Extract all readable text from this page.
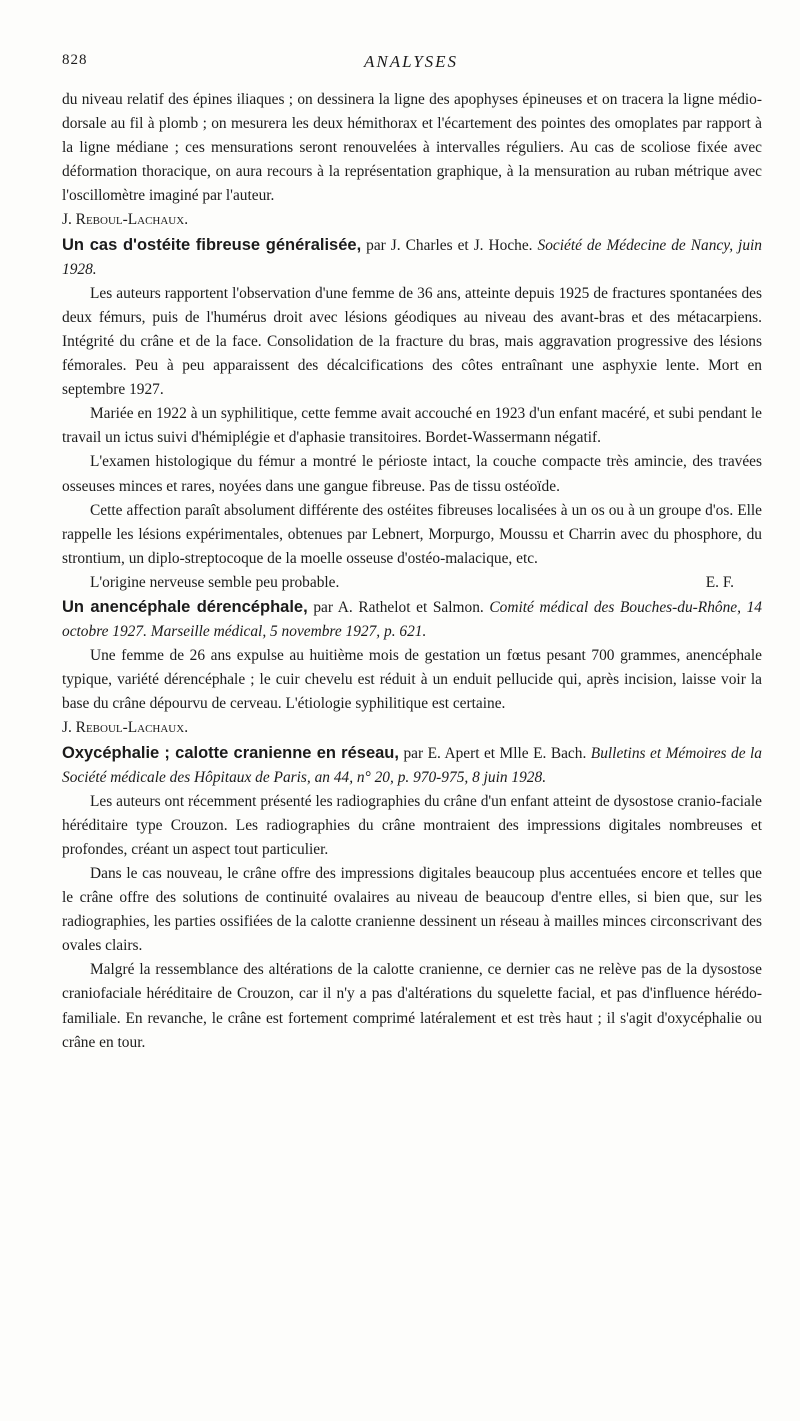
828	ANALYSES

du niveau relatif des épines iliaques ; on dessinera la ligne des apophyses épineuses et on tracera la ligne médio-dorsale au fil à plomb ; on mesurera les deux hémithorax et l'écartement des pointes des omoplates par rapport à la ligne médiane ; ces mensurations seront renouvelées à intervalles réguliers. Au cas de scoliose fixée avec déformation thoracique, on aura recours à la représentation graphique, à la mensuration au ruban métrique avec l'oscillomètre imaginé par l'auteur.

J. Reboul-Lachaux.

Un cas d'ostéite fibreuse généralisée, par J. Charles et J. Hoche. Société de Médecine de Nancy, juin 1928.

Les auteurs rapportent l'observation d'une femme de 36 ans, atteinte depuis 1925 de fractures spontanées des deux fémurs, puis de l'humérus droit avec lésions géodiques au niveau des avant-bras et des métacarpiens. Intégrité du crâne et de la face. Consolidation de la fracture du bras, mais aggravation progressive des lésions fémorales. Peu à peu apparaissent des décalcifications des côtes entraînant une asphyxie lente. Mort en septembre 1927.

Mariée en 1922 à un syphilitique, cette femme avait accouché en 1923 d'un enfant macéré, et subi pendant le travail un ictus suivi d'hémiplégie et d'aphasie transitoires. Bordet-Wassermann négatif.

L'examen histologique du fémur a montré le périoste intact, la couche compacte très amincie, des travées osseuses minces et rares, noyées dans une gangue fibreuse. Pas de tissu ostéoïde.

Cette affection paraît absolument différente des ostéites fibreuses localisées à un os ou à un groupe d'os. Elle rappelle les lésions expérimentales, obtenues par Lebnert, Morpurgo, Moussu et Charrin avec du phosphore, du strontium, un diplo-streptocoque de la moelle osseuse d'ostéo-malacique, etc.

L'origine nerveuse semble peu probable.	E. F.

Un anencéphale dérencéphale, par A. Rathelot et Salmon. Comité médical des Bouches-du-Rhône, 14 octobre 1927. Marseille médical, 5 novembre 1927, p. 621.

Une femme de 26 ans expulse au huitième mois de gestation un fœtus pesant 700 grammes, anencéphale typique, variété dérencéphale ; le cuir chevelu est réduit à un enduit pellucide qui, après incision, laisse voir la base du crâne dépourvu de cerveau. L'étiologie syphilitique est certaine.

J. Reboul-Lachaux.

Oxycéphalie ; calotte cranienne en réseau, par E. Apert et Mlle E. Bach. Bulletins et Mémoires de la Société médicale des Hôpitaux de Paris, an 44, n° 20, p. 970-975, 8 juin 1928.

Les auteurs ont récemment présenté les radiographies du crâne d'un enfant atteint de dysostose cranio-faciale héréditaire type Crouzon. Les radiographies du crâne montraient des impressions digitales nombreuses et profondes, créant un aspect tout particulier.

Dans le cas nouveau, le crâne offre des impressions digitales beaucoup plus accentuées encore et telles que le crâne offre des solutions de continuité ovalaires au niveau de beaucoup d'entre elles, si bien que, sur les radiographies, les parties ossifiées de la calotte cranienne dessinent un réseau à mailles minces circonscrivant des ovales clairs.

Malgré la ressemblance des altérations de la calotte cranienne, ce dernier cas ne relève pas de la dysostose craniofaciale héréditaire de Crouzon, car il n'y a pas d'altérations du squelette facial, et pas d'influence hérédo-familiale. En revanche, le crâne est fortement comprimé latéralement et est très haut ; il s'agit d'oxycéphalie ou crâne en tour.
